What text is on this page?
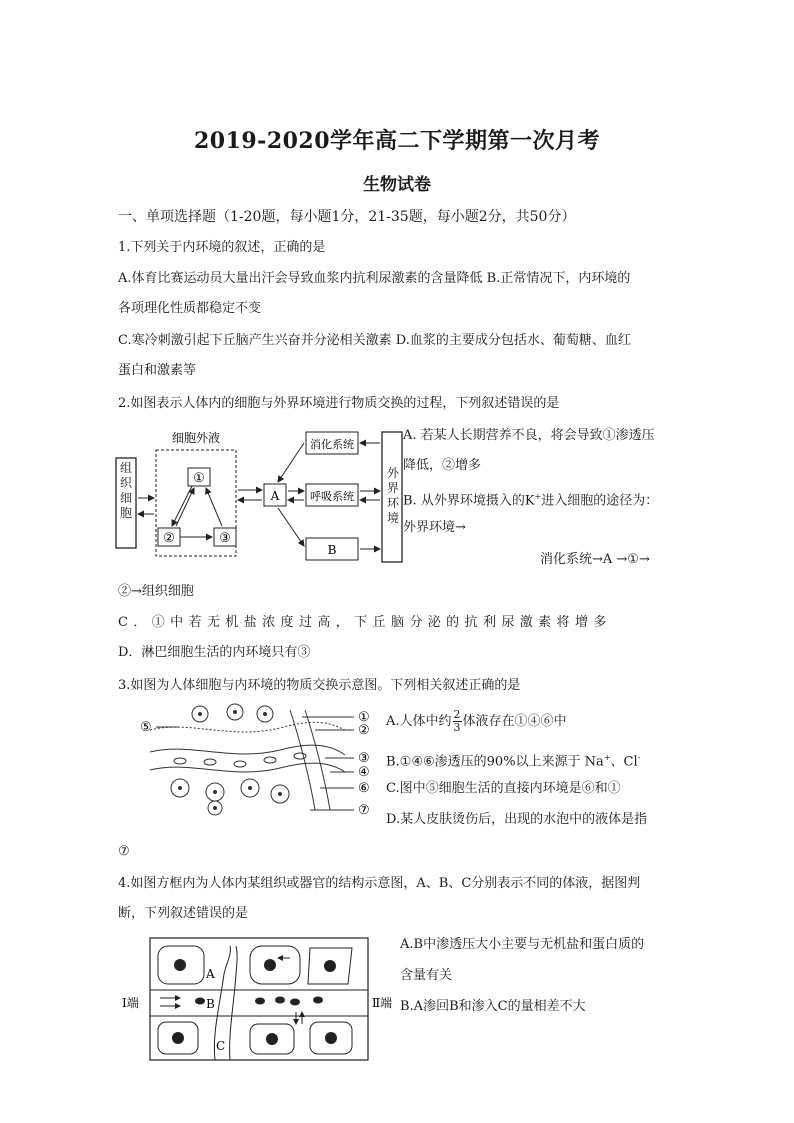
2019-2020学年高二下学期第一次月考
生物试卷
一、单项选择题（1-20题，每小题1分，21-35题，每小题2分，共50分）
1.下列关于内环境的叙述，正确的是
A.体育比赛运动员大量出汗会导致血浆内抗利尿激素的含量降低 B.正常情况下，内环境的
各项理化性质都稳定不变
C.寒冷刺激引起下丘脑产生兴奋并分泌相关激素 D.血浆的主要成分包括水、葡萄糖、血红
蛋白和激素等
2.如图表示人体内的细胞与外界环境进行物质交换的过程，下列叙述错误的是
细胞外液
①
②	③
A
消化系统
呼吸系统
B
组织细胞
外界环境
A. 若某人长期营养不良，将会导致①渗透压
降低，②增多
B. 从外界环境摄入的K+进入细胞的途径为：
外界环境→
消化系统→A →①→
②→组织细胞
C．①中若无机盐浓度过高，下丘脑分泌的抗利尿激素将增多
D．淋巴细胞生活的内环境只有③
3.如图为人体细胞与内环境的物质交换示意图。下列相关叙述正确的是
⑤
①
②
③
④
⑥
⑦
A.人体中约 $\frac{2}{3}$ 体液存在①④⑥中
B.①④⑥渗透压的90%以上来源于 Na+、Cl-
C.图中⑤细胞生活的直接内环境是⑥和①
D.某人皮肤烫伤后，出现的水泡中的液体是指
⑦
4.如图方框内为人体内某组织或器官的结构示意图，A、B、C分别表示不同的体液，据图判
断，下列叙述错误的是
A
B
C
Ⅰ端	Ⅱ端
A.B中渗透压大小主要与无机盐和蛋白质的
含量有关
B.A渗回B和渗入C的量相差不大
